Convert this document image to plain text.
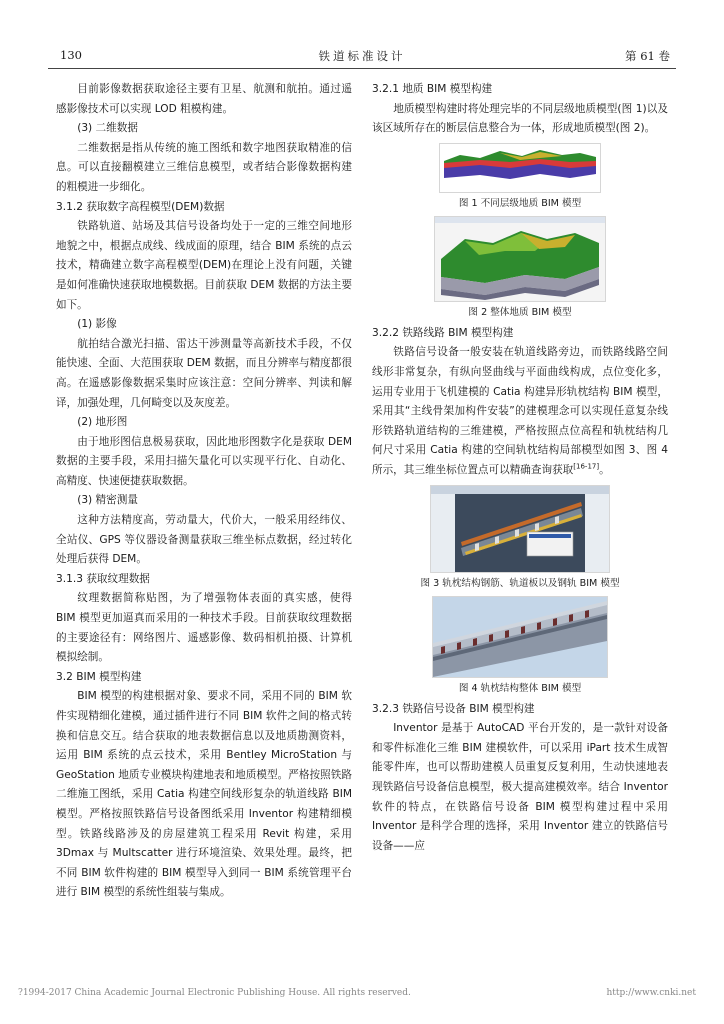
130	铁道标准设计	第 61 卷

目前影像数据获取途径主要有卫星、航测和航拍。通过遥感影像技术可以实现 LOD 粗模构建。

(3) 二维数据

二维数据是指从传统的施工图纸和数字地图获取精准的信息。可以直接翻模建立三维信息模型，或者结合影像数据构建的粗模进一步细化。

3.1.2 获取数字高程模型(DEM)数据

铁路轨道、站场及其信号设备均处于一定的三维空间地形地貌之中，根据点成线、线成面的原理，结合 BIM 系统的点云技术，精确建立数字高程模型(DEM)在理论上没有问题，关键是如何准确快速获取地模数据。目前获取 DEM 数据的方法主要如下。

(1) 影像

航拍结合激光扫描、雷达干涉测量等高新技术手段，不仅能快速、全面、大范围获取 DEM 数据，而且分辨率与精度都很高。在遥感影像数据采集时应该注意：空间分辨率、判读和解译，加强处理，几何畸变以及灰度差。

(2) 地形图

由于地形图信息极易获取，因此地形图数字化是获取 DEM 数据的主要手段，采用扫描矢量化可以实现平行化、自动化、高精度、快速便捷获取数据。

(3) 精密测量

这种方法精度高，劳动量大，代价大，一般采用经纬仪、全站仪、GPS 等仪器设备测量获取三维坐标点数据，经过转化处理后获得 DEM。

3.1.3 获取纹理数据

纹理数据简称贴图，为了增强物体表面的真实感，使得 BIM 模型更加逼真而采用的一种技术手段。目前获取纹理数据的主要途径有：网络图片、遥感影像、数码相机拍摄、计算机模拟绘制。

3.2 BIM 模型构建

BIM 模型的构建根据对象、要求不同，采用不同的 BIM 软件实现精细化建模，通过插件进行不同 BIM 软件之间的格式转换和信息交互。结合获取的地表数据信息以及地质勘测资料，运用 BIM 系统的点云技术，采用 Bentley MicroStation 与 GeoStation 地质专业模块构建地表和地质模型。严格按照铁路二维施工图纸，采用 Catia 构建空间线形复杂的轨道线路 BIM 模型。严格按照铁路信号设备图纸采用 Inventor 构建精细模型。铁路线路涉及的房屋建筑工程采用 Revit 构建，采用 3Dmax 与 Multscatter 进行环境渲染、效果处理。最终，把不同 BIM 软件构建的 BIM 模型导入到同一 BIM 系统管理平台进行 BIM 模型的系统性组装与集成。

3.2.1 地质 BIM 模型构建

地质模型构建时将处理完毕的不同层级地质模型(图 1)以及该区域所存在的断层信息整合为一体，形成地质模型(图 2)。

图 1 不同层级地质 BIM 模型
图 2 整体地质 BIM 模型
3.2.2 铁路线路 BIM 模型构建

铁路信号设备一般安装在轨道线路旁边，而铁路线路空间线形非常复杂，有纵向竖曲线与平面曲线构成，点位变化多，运用专业用于飞机建模的 Catia 构建异形轨枕结构 BIM 模型，采用其“主线骨架加构件安装”的建模理念可以实现任意复杂线形铁路轨道结构的三维建模，严格按照点位高程和轨枕结构几何尺寸采用 Catia 构建的空间轨枕结构局部模型如图 3、图 4 所示，其三维坐标位置点可以精确查询获取[16-17]。

图 3 轨枕结构钢筋、轨道板以及钢轨 BIM 模型
图 4 轨枕结构整体 BIM 模型
3.2.3 铁路信号设备 BIM 模型构建

Inventor 是基于 AutoCAD 平台开发的，是一款针对设备和零件标准化三维 BIM 建模软件，可以采用 iPart 技术生成智能零件库，也可以帮助建模人员重复反复利用，生动快速地表现铁路信号设备信息模型，极大提高建模效率。结合 Inventor 软件的特点，在铁路信号设备 BIM 模型构建过程中采用 Inventor 是科学合理的选择，采用 Inventor 建立的铁路信号设备——应

?1994-2017 China Academic Journal Electronic Publishing House. All rights reserved.	http://www.cnki.net
